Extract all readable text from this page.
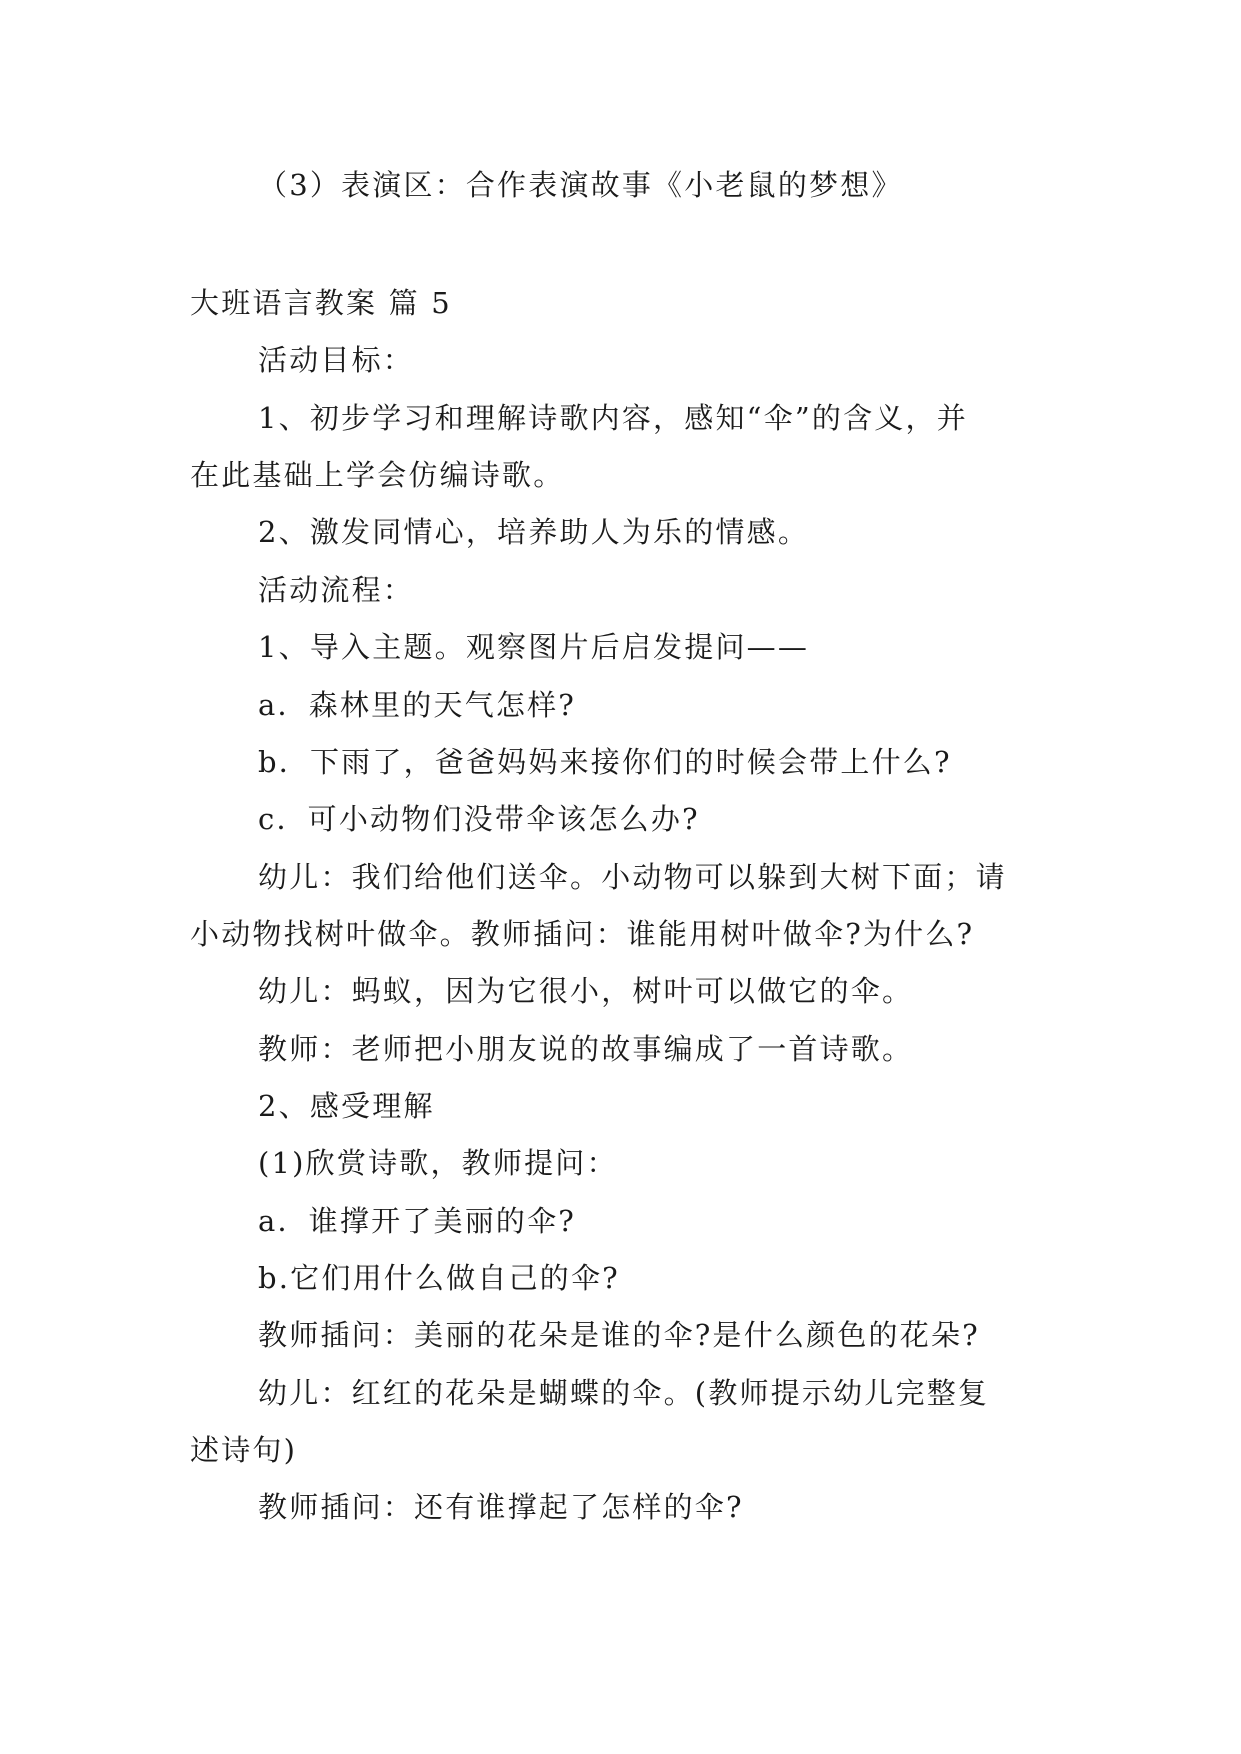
（3）表演区：合作表演故事《小老鼠的梦想》
大班语言教案 篇 5
活动目标：
1、初步学习和理解诗歌内容，感知“伞”的含义，并
在此基础上学会仿编诗歌。
2、激发同情心，培养助人为乐的情感。
活动流程：
1、导入主题。观察图片后启发提问——
a．森林里的天气怎样?
b．下雨了，爸爸妈妈来接你们的时候会带上什么?
c．可小动物们没带伞该怎么办?
幼儿：我们给他们送伞。小动物可以躲到大树下面；请
小动物找树叶做伞。教师插问：谁能用树叶做伞?为什么?
幼儿：蚂蚁，因为它很小，树叶可以做它的伞。
教师：老师把小朋友说的故事编成了一首诗歌。
2、感受理解
(1)欣赏诗歌，教师提问：
a．谁撑开了美丽的伞?
b.它们用什么做自己的伞?
教师插问：美丽的花朵是谁的伞?是什么颜色的花朵?
幼儿：红红的花朵是蝴蝶的伞。(教师提示幼儿完整复
述诗句)
教师插问：还有谁撑起了怎样的伞?
